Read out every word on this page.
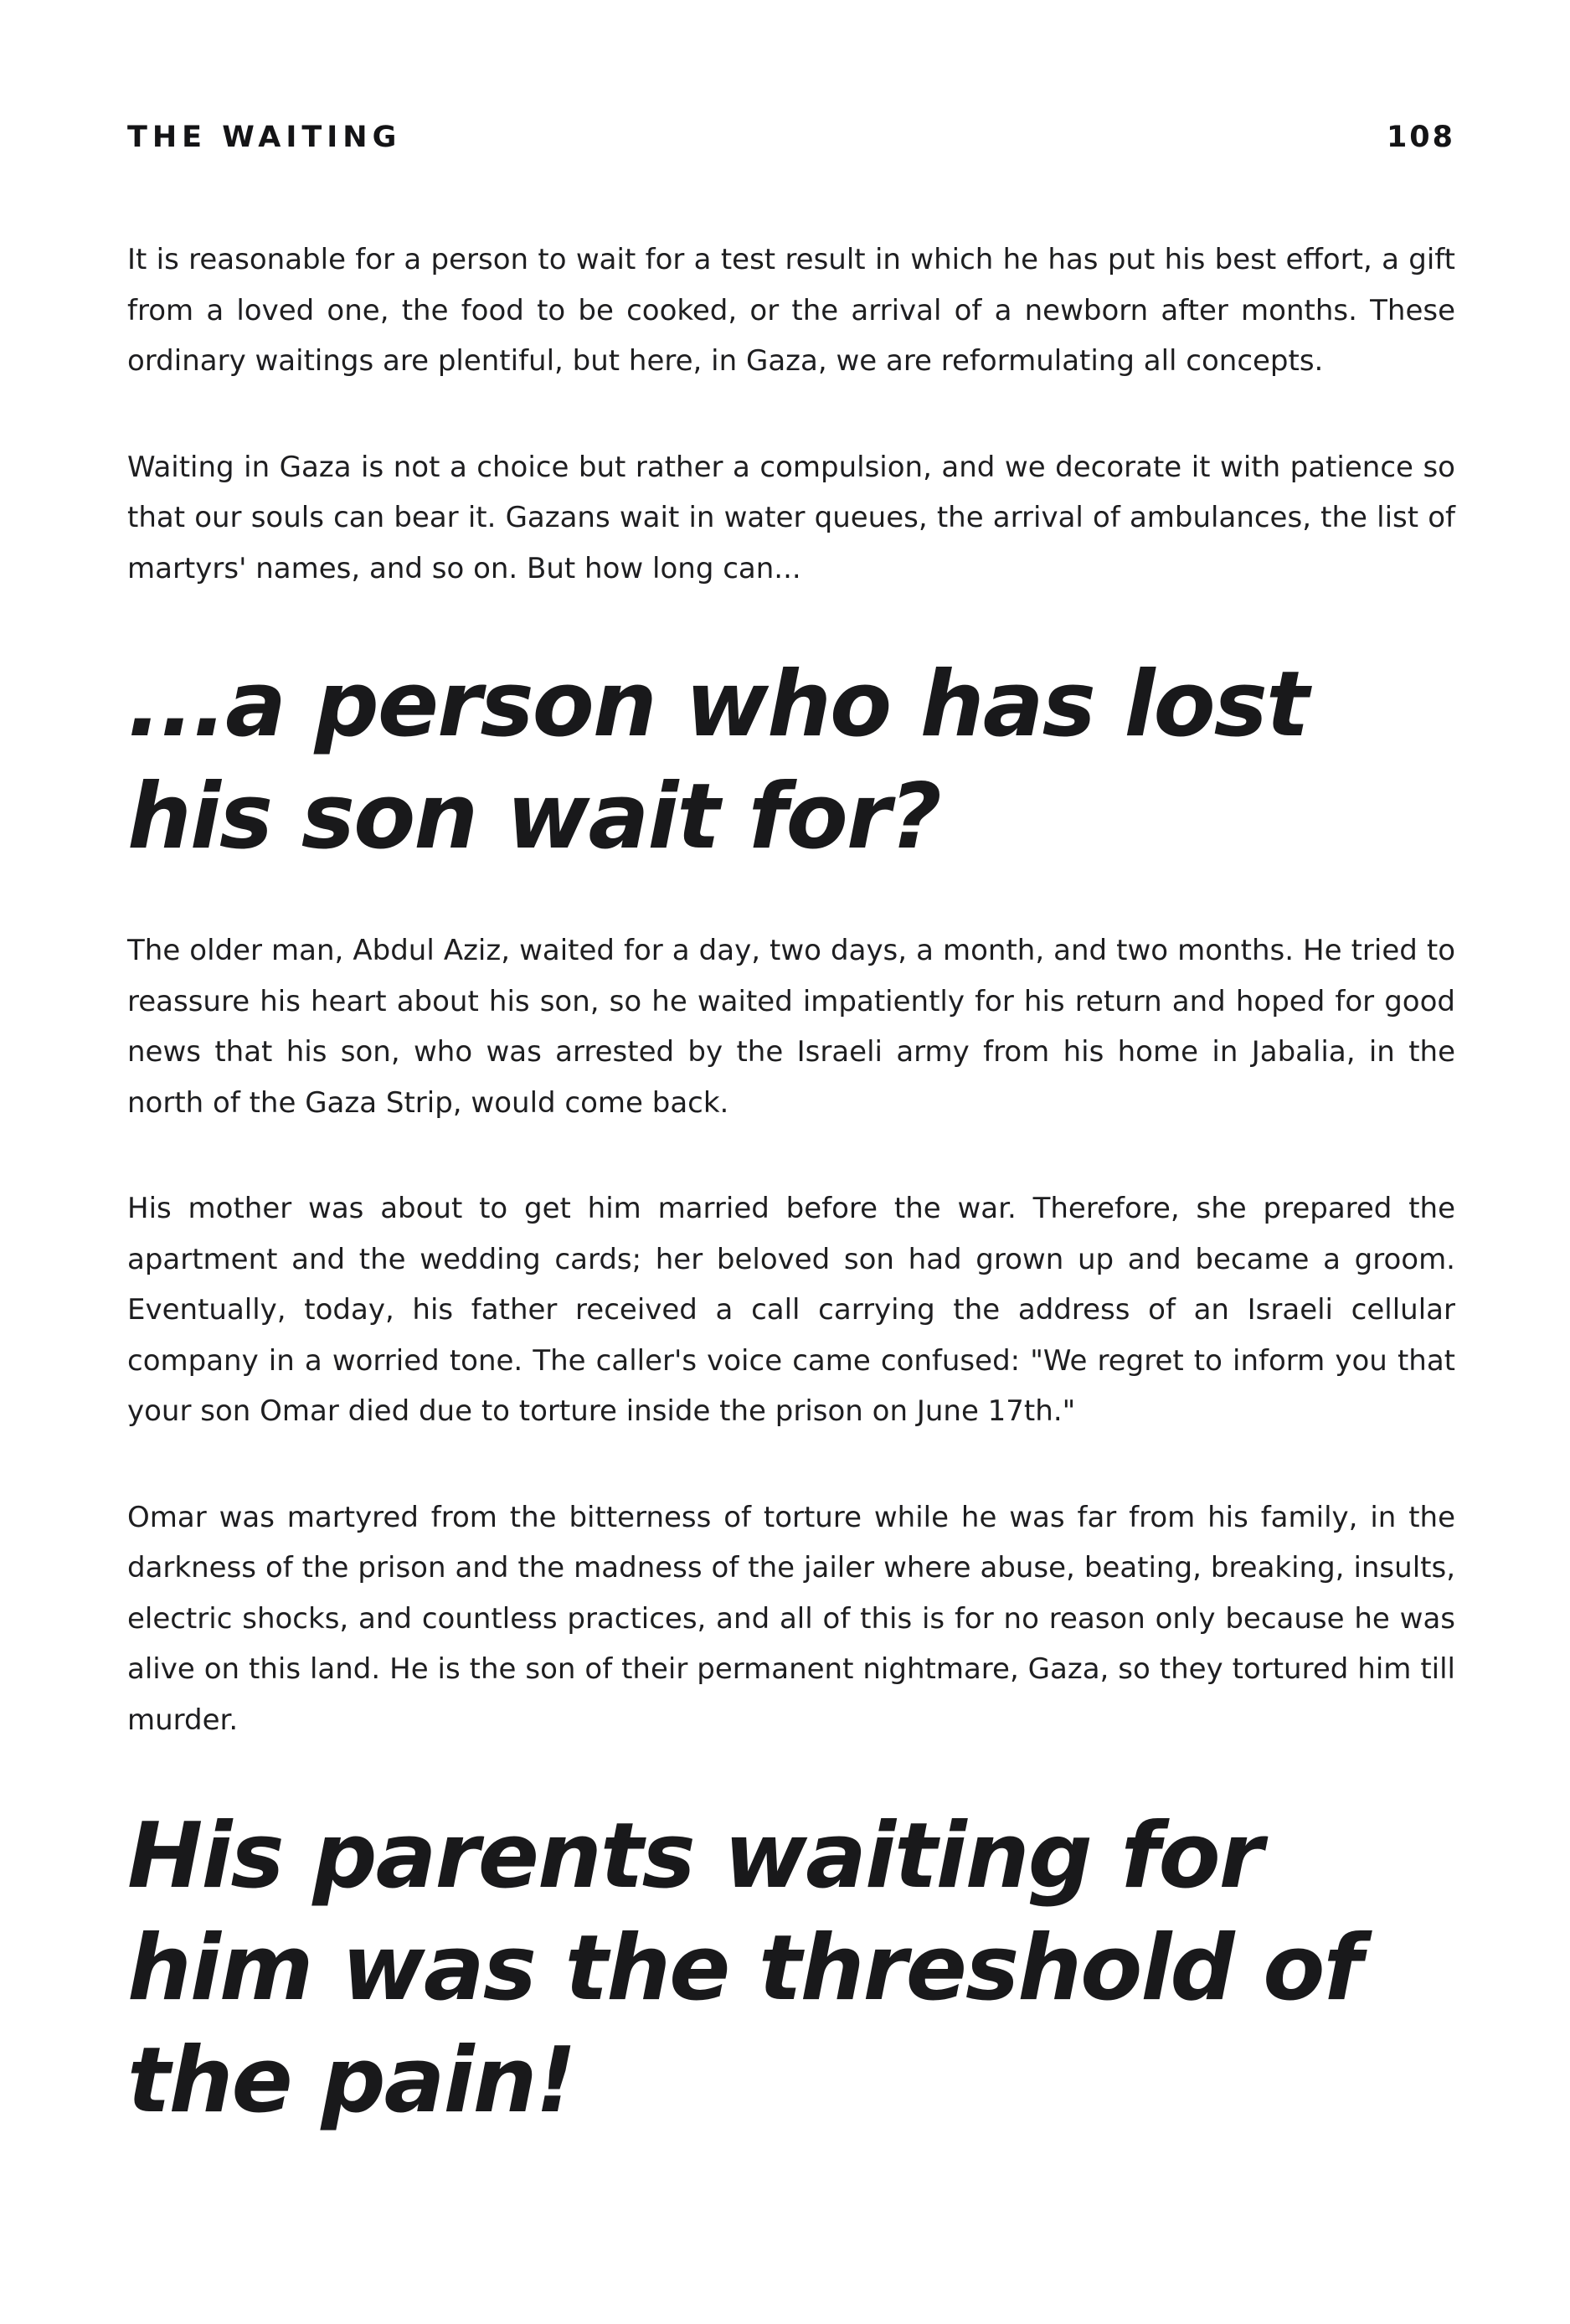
THE WAITING	108

It is reasonable for a person to wait for a test result in which he has put his best effort, a gift from a loved one, the food to be cooked, or the arrival of a newborn after months. These ordinary waitings are plentiful, but here, in Gaza, we are reformulating all concepts.

Waiting in Gaza is not a choice but rather a compulsion, and we decorate it with patience so that our souls can bear it. Gazans wait in water queues, the arrival of ambulances, the list of martyrs' names, and so on. But how long can...

...a person who has lost his son wait for?

The older man, Abdul Aziz, waited for a day, two days, a month, and two months. He tried to reassure his heart about his son, so he waited impatiently for his return and hoped for good news that his son, who was arrested by the Israeli army from his home in Jabalia, in the north of the Gaza Strip, would come back.

His mother was about to get him married before the war. Therefore, she prepared the apartment and the wedding cards; her beloved son had grown up and became a groom. Eventually, today, his father received a call carrying the address of an Israeli cellular company in a worried tone. The caller's voice came confused: "We regret to inform you that your son Omar died due to torture inside the prison on June 17th."

Omar was martyred from the bitterness of torture while he was far from his family, in the darkness of the prison and the madness of the jailer where abuse, beating, breaking, insults, electric shocks, and countless practices, and all of this is for no reason only because he was alive on this land. He is the son of their permanent nightmare, Gaza, so they tortured him till murder.

His parents waiting for him was the threshold of the pain!
